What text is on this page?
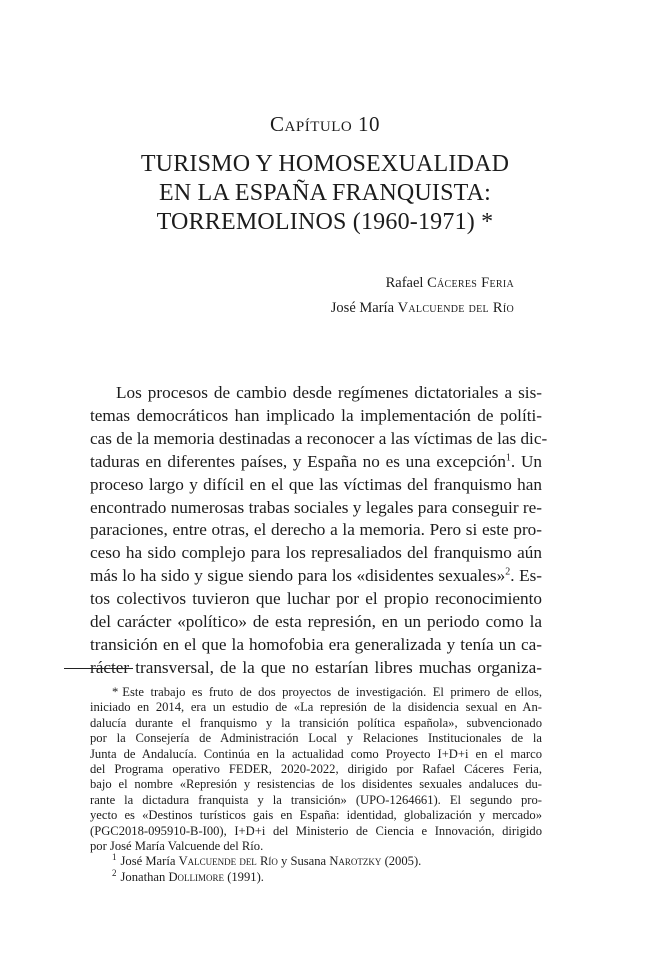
Capítulo 10
TURISMO Y HOMOSEXUALIDAD
EN LA ESPAÑA FRANQUISTA:
TORREMOLINOS (1960-1971) *
Rafael Cáceres Feria
José María Valcuende del Río
Los procesos de cambio desde regímenes dictatoriales a sis-
temas democráticos han implicado la implementación de políti-
cas de la memoria destinadas a reconocer a las víctimas de las dic-
taduras en diferentes países, y España no es una excepción$^1$. Un
proceso largo y difícil en el que las víctimas del franquismo han
encontrado numerosas trabas sociales y legales para conseguir re-
paraciones, entre otras, el derecho a la memoria. Pero si este pro-
ceso ha sido complejo para los represaliados del franquismo aún
más lo ha sido y sigue siendo para los «disidentes sexuales»$^2$. Es-
tos colectivos tuvieron que luchar por el propio reconocimiento
del carácter «político» de esta represión, en un periodo como la
transición en el que la homofobia era generalizada y tenía un ca-
rácter transversal, de la que no estarían libres muchas organiza-
* Este trabajo es fruto de dos proyectos de investigación. El primero de ellos,
iniciado en 2014, era un estudio de «La represión de la disidencia sexual en An-
dalucía durante el franquismo y la transición política española», subvencionado
por la Consejería de Administración Local y Relaciones Institucionales de la
Junta de Andalucía. Continúa en la actualidad como Proyecto I+D+i en el marco
del Programa operativo FEDER, 2020-2022, dirigido por Rafael Cáceres Feria,
bajo el nombre «Represión y resistencias de los disidentes sexuales andaluces du-
rante la dictadura franquista y la transición» (UPO-1264661). El segundo pro-
yecto es «Destinos turísticos gais en España: identidad, globalización y mercado»
(PGC2018-095910-B-I00), I+D+i del Ministerio de Ciencia e Innovación, dirigido
por José María Valcuende del Río.
$^1$ José María Valcuende del Río y Susana Narotzky (2005).
$^2$ Jonathan Dollimore (1991).
